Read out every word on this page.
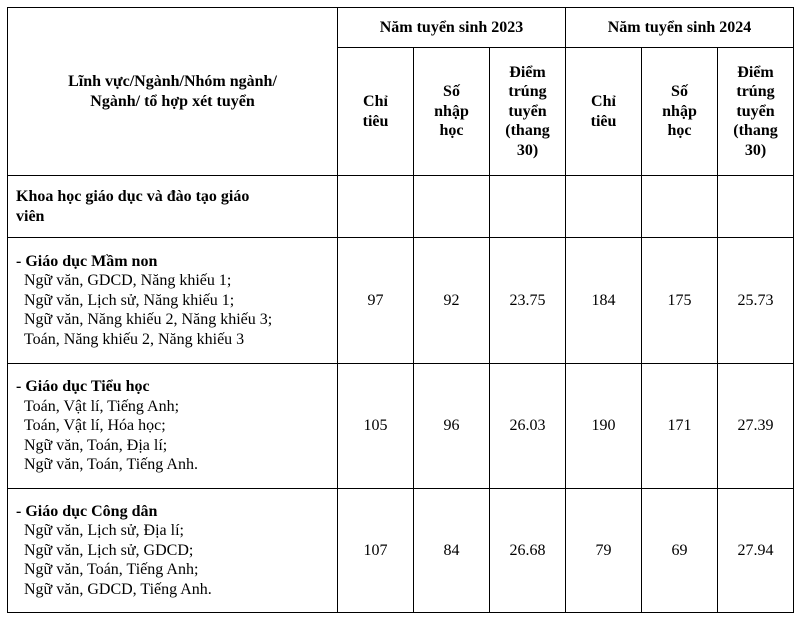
Lĩnh vực/Ngành/Nhóm ngành/
Ngành/ tổ hợp xét tuyển	Năm tuyển sinh 2023			Năm tuyển sinh 2024		

	Chỉ
tiêu	Số
nhập
học	Điểm
trúng
tuyển
(thang
30)	Chỉ
tiêu	Số
nhập
học	Điểm
trúng
tuyển
(thang
30)

Khoa học giáo dục và đào tạo giáo
viên						

- Giáo dục Mầm non
Ngữ văn, GDCD, Năng khiếu 1;
Ngữ văn, Lịch sử, Năng khiếu 1;
Ngữ văn, Năng khiếu 2, Năng khiếu 3;
Toán, Năng khiếu 2, Năng khiếu 3	97	92	23.75	184	175	25.73

- Giáo dục Tiểu học
Toán, Vật lí, Tiếng Anh;
Toán, Vật lí, Hóa học;
Ngữ văn, Toán, Địa lí;
Ngữ văn, Toán, Tiếng Anh.	105	96	26.03	190	171	27.39

- Giáo dục Công dân
Ngữ văn, Lịch sử, Địa lí;
Ngữ văn, Lịch sử, GDCD;
Ngữ văn, Toán, Tiếng Anh;
Ngữ văn, GDCD, Tiếng Anh.	107	84	26.68	79	69	27.94
